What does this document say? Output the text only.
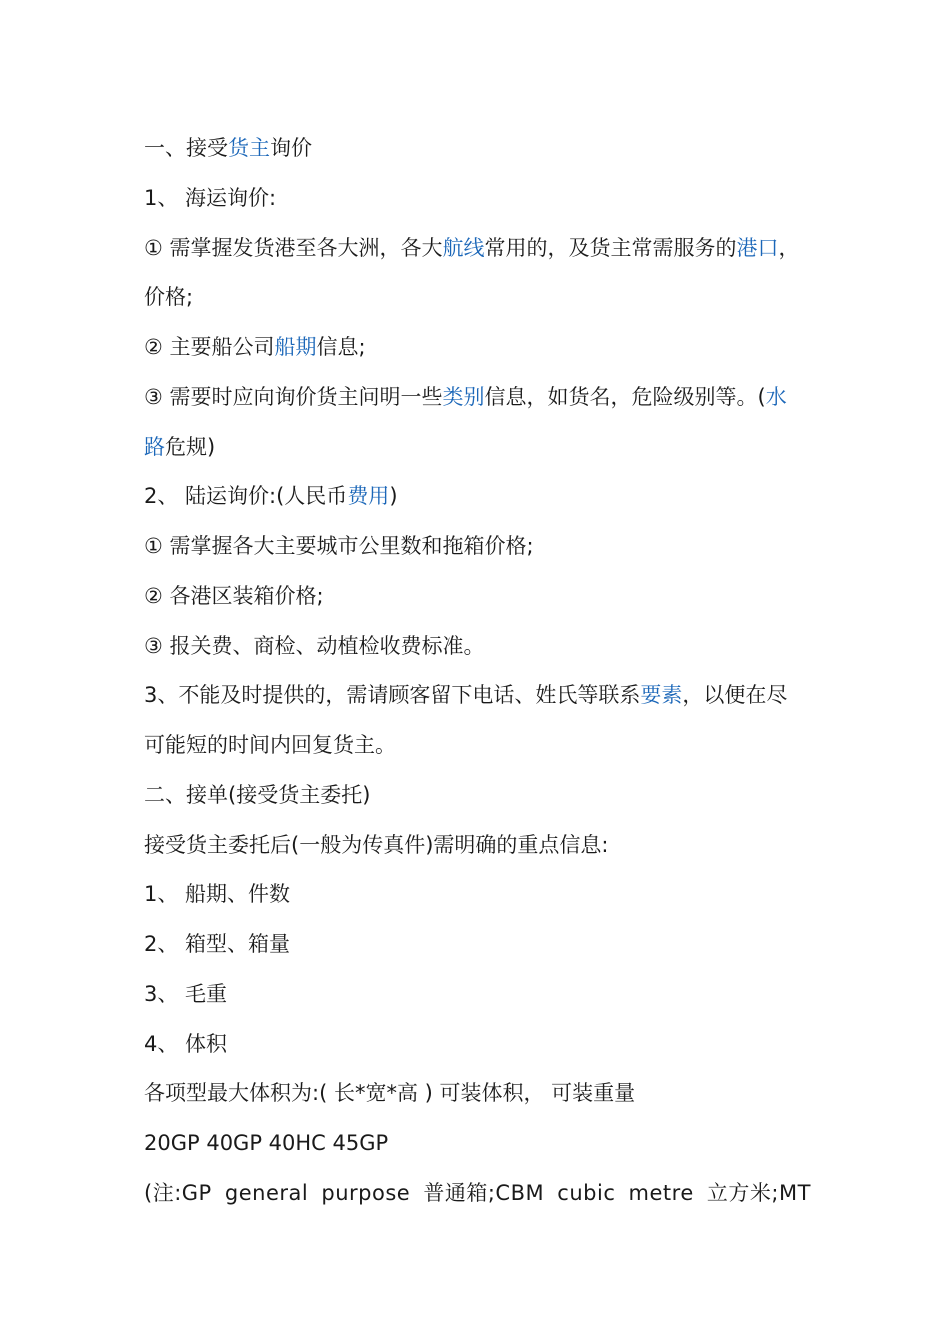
一、接受货主询价
1、 海运询价:
① 需掌握发货港至各大洲，各大航线常用的，及货主常需服务的港口，
价格;
② 主要船公司船期信息;
③ 需要时应向询价货主问明一些类别信息，如货名，危险级别等。(水
路危规)
2、 陆运询价:(人民币费用)
① 需掌握各大主要城市公里数和拖箱价格;
② 各港区装箱价格;
③ 报关费、商检、动植检收费标准。
3、不能及时提供的，需请顾客留下电话、姓氏等联系要素，以便在尽
可能短的时间内回复货主。
二、接单(接受货主委托)
接受货主委托后(一般为传真件)需明确的重点信息:
1、 船期、件数
2、 箱型、箱量
3、 毛重
4、 体积
各项型最大体积为:( 长*宽*高 ) 可装体积， 可装重量
20GP 40GP 40HC 45GP
(注:GP general purpose 普通箱;CBM cubic metre 立方米;MT
